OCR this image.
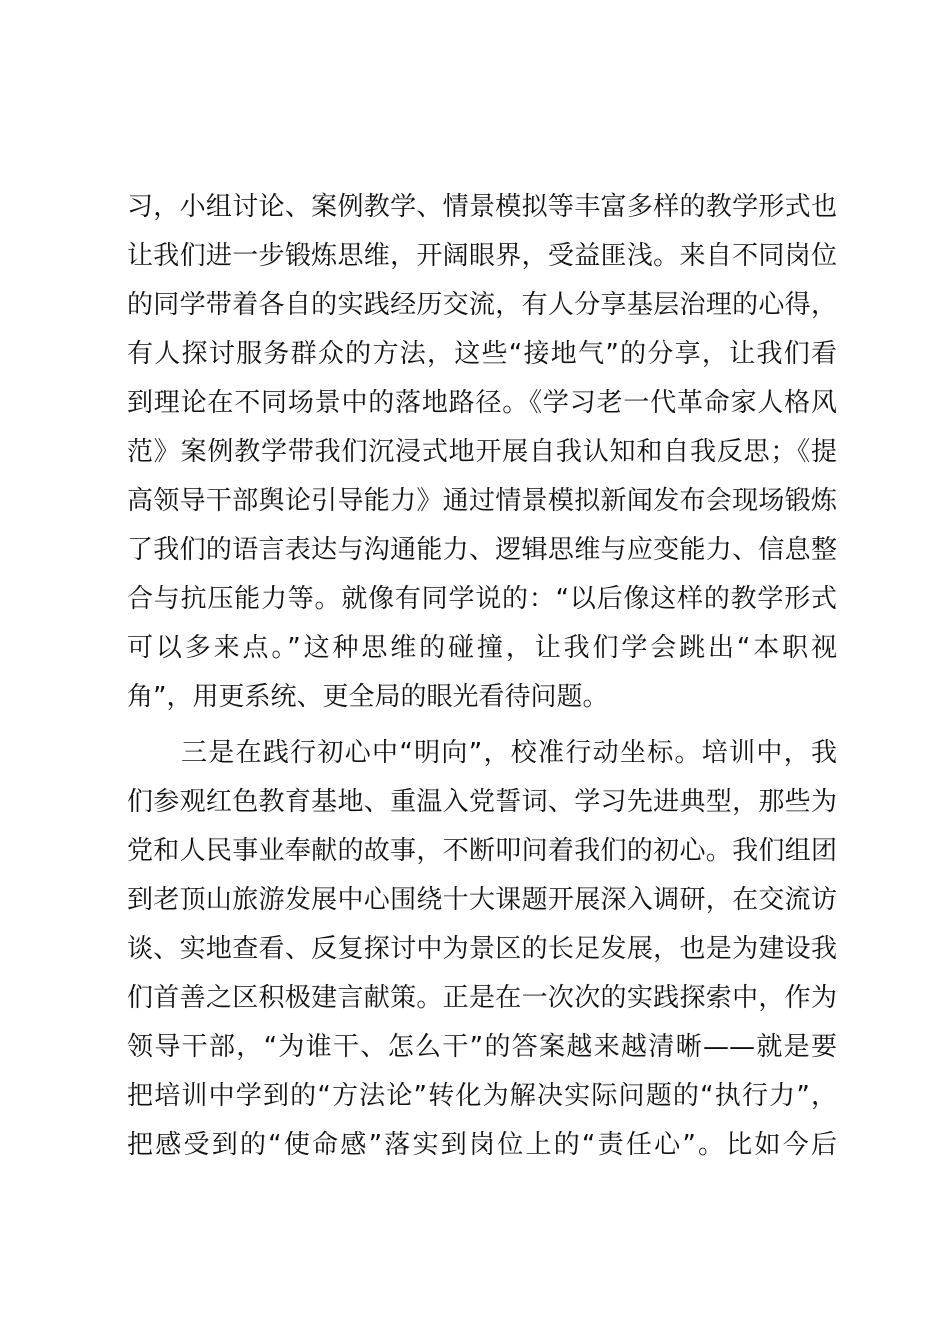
习，小组讨论、案例教学、情景模拟等丰富多样的教学形式也
让我们进一步锻炼思维，开阔眼界，受益匪浅。来自不同岗位
的同学带着各自的实践经历交流，有人分享基层治理的心得，
有人探讨服务群众的方法，这些“接地气”的分享，让我们看
到理论在不同场景中的落地路径。《学习老一代革命家人格风
范》案例教学带我们沉浸式地开展自我认知和自我反思；《提
高领导干部舆论引导能力》通过情景模拟新闻发布会现场锻炼
了我们的语言表达与沟通能力、逻辑思维与应变能力、信息整
合与抗压能力等。就像有同学说的：“以后像这样的教学形式
可以多来点。”这种思维的碰撞，让我们学会跳出“本职视
角”，用更系统、更全局的眼光看待问题。

三是在践行初心中“明向”，校准行动坐标。培训中，我
们参观红色教育基地、重温入党誓词、学习先进典型，那些为
党和人民事业奉献的故事，不断叩问着我们的初心。我们组团
到老顶山旅游发展中心围绕十大课题开展深入调研，在交流访
谈、实地查看、反复探讨中为景区的长足发展，也是为建设我
们首善之区积极建言献策。正是在一次次的实践探索中，作为
领导干部，“为谁干、怎么干”的答案越来越清晰——就是要
把培训中学到的“方法论”转化为解决实际问题的“执行力”，
把感受到的“使命感”落实到岗位上的“责任心”。比如今后
